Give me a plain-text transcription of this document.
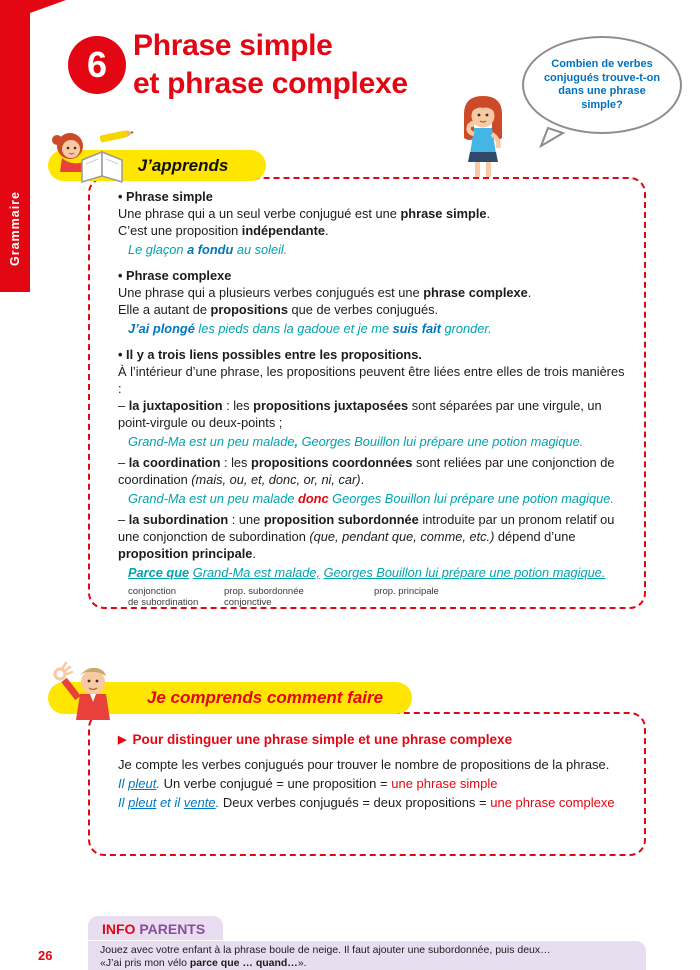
Grammaire
6 Phrase simple
et phrase complexe
Combien de verbes conjugués trouve-t-on dans une phrase simple?
J’apprends

• Phrase simple

Une phrase qui a un seul verbe conjugué est une phrase simple.

C’est une proposition indépendante.

Le glaçon a fondu au soleil.

• Phrase complexe

Une phrase qui a plusieurs verbes conjugués est une phrase complexe.

Elle a autant de propositions que de verbes conjugués.

J’ai plongé les pieds dans la gadoue et je me suis fait gronder.

• Il y a trois liens possibles entre les propositions.

À l’intérieur d’une phrase, les propositions peuvent être liées entre elles de trois manières :

– la juxtaposition : les propositions juxtaposées sont séparées par une virgule, un point-virgule ou deux-points ;

Grand-Ma est un peu malade, Georges Bouillon lui prépare une potion magique.

– la coordination : les propositions coordonnées sont reliées par une conjonction de coordination (mais, ou, et, donc, or, ni, car).

Grand-Ma est un peu malade donc Georges Bouillon lui prépare une potion magique.

– la subordination : une proposition subordonnée introduite par un pronom relatif ou une conjonction de subordination (que, pendant que, comme, etc.) dépend d’une proposition principale.

Parce que Grand-Ma est malade, Georges Bouillon lui prépare une potion magique.

conjonction
de subordination
prop. subordonnée
conjonctive
prop. principale
Je comprends comment faire

▶ Pour distinguer une phrase simple et une phrase complexe

Je compte les verbes conjugués pour trouver le nombre de propositions de la phrase.

Il pleut. Un verbe conjugué = une proposition = une phrase simple

Il pleut et il vente. Deux verbes conjugués = deux propositions = une phrase complexe

INFO PARENTS

Jouez avec votre enfant à la phrase boule de neige. Il faut ajouter une subordonnée, puis deux…

«J’ai pris mon vélo parce que … quand…».

26
